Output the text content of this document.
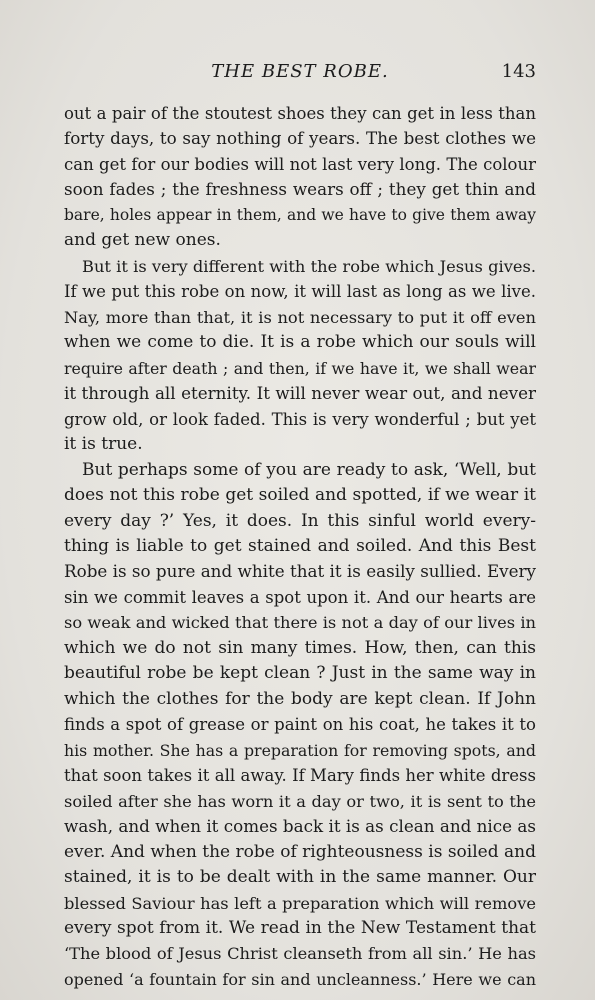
THE BEST ROBE.	143
out a pair of the stoutest shoes they can get in less than
forty days, to say nothing of years. The best clothes we
can get for our bodies will not last very long. The colour
soon fades ; the freshness wears off ; they get thin and
bare, holes appear in them, and we have to give them away
and get new ones.
But it is very different with the robe which Jesus gives.
If we put this robe on now, it will last as long as we live.
Nay, more than that, it is not necessary to put it off even
when we come to die. It is a robe which our souls will
require after death ; and then, if we have it, we shall wear
it through all eternity. It will never wear out, and never
grow old, or look faded. This is very wonderful ; but yet
it is true.
But perhaps some of you are ready to ask, ‘Well, but
does not this robe get soiled and spotted, if we wear it
every day ?’ Yes, it does. In this sinful world every-
thing is liable to get stained and soiled. And this Best
Robe is so pure and white that it is easily sullied. Every
sin we commit leaves a spot upon it. And our hearts are
so weak and wicked that there is not a day of our lives in
which we do not sin many times. How, then, can this
beautiful robe be kept clean ? Just in the same way in
which the clothes for the body are kept clean. If John
finds a spot of grease or paint on his coat, he takes it to
his mother. She has a preparation for removing spots, and
that soon takes it all away. If Mary finds her white dress
soiled after she has worn it a day or two, it is sent to the
wash, and when it comes back it is as clean and nice as
ever. And when the robe of righteousness is soiled and
stained, it is to be dealt with in the same manner. Our
blessed Saviour has left a preparation which will remove
every spot from it. We read in the New Testament that
‘The blood of Jesus Christ cleanseth from all sin.’ He has
opened ‘a fountain for sin and uncleanness.’ Here we can
